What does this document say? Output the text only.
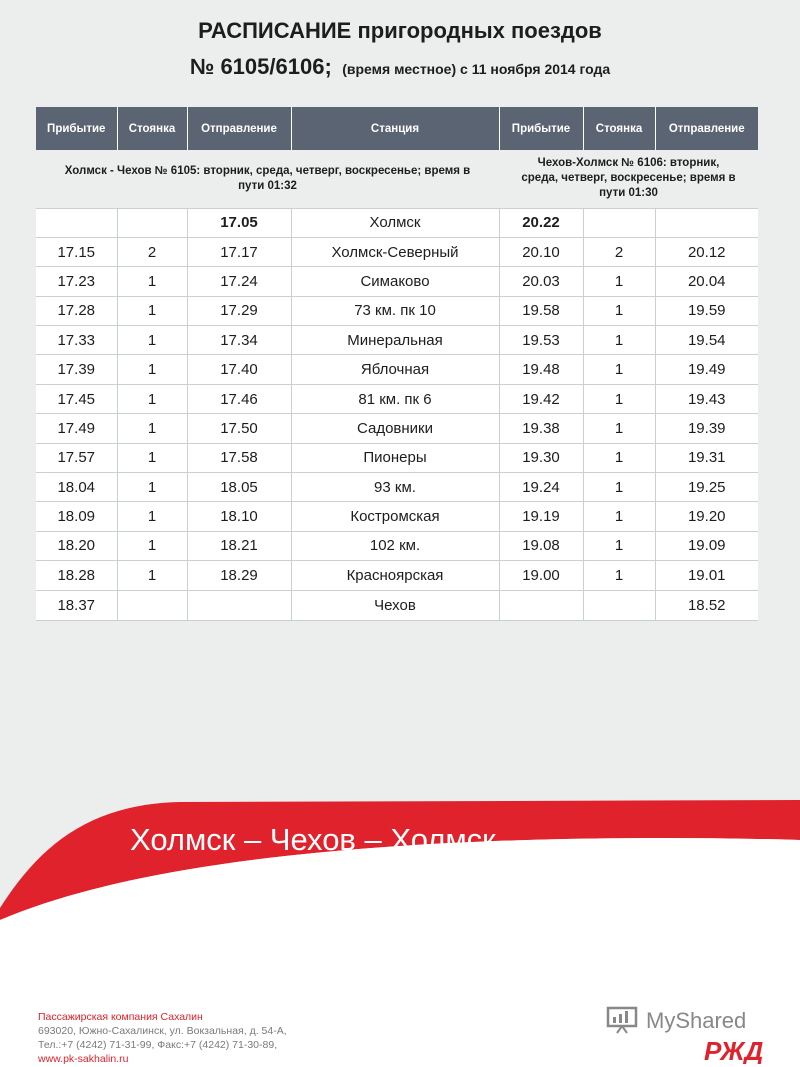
РАСПИСАНИЕ пригородных поездов
№ 6105/6106; (время местное) с 11 ноября 2014 года
Прибытие	Стоянка	Отправление	Станция	Прибытие	Стоянка	Отправление
Холмск - Чехов № 6105: вторник, среда, четверг, воскресенье; время в пути 01:32				Чехов-Холмск № 6106: вторник, среда, четверг, воскресенье; время в пути 01:30		
		17.05	Холмск	20.22		
17.15	2	17.17	Холмск-Северный	20.10	2	20.12
17.23	1	17.24	Симаково	20.03	1	20.04
17.28	1	17.29	73 км. пк 10	19.58	1	19.59
17.33	1	17.34	Минеральная	19.53	1	19.54
17.39	1	17.40	Яблочная	19.48	1	19.49
17.45	1	17.46	81 км. пк 6	19.42	1	19.43
17.49	1	17.50	Садовники	19.38	1	19.39
17.57	1	17.58	Пионеры	19.30	1	19.31
18.04	1	18.05	93 км.	19.24	1	19.25
18.09	1	18.10	Костромская	19.19	1	19.20
18.20	1	18.21	102 км.	19.08	1	19.09
18.28	1	18.29	Красноярская	19.00	1	19.01
18.37			Чехов			18.52
Холмск – Чехов – Холмск
Пассажирская компания Сахалин
693020, Южно-Сахалинск, ул. Вокзальная, д. 54-А,
Тел.:+7 (4242) 71-31-99, Факс:+7 (4242) 71-30-89,
www.pk-sakhalin.ru
MyShared
РЖД
